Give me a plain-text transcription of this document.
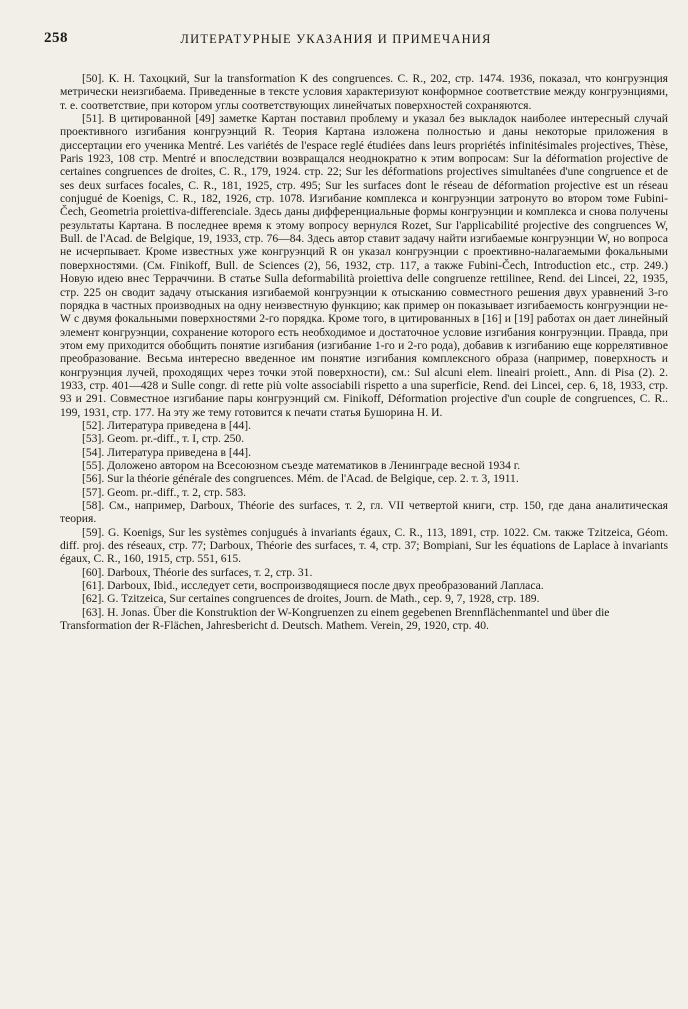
258	ЛИТЕРАТУРНЫЕ УКАЗАНИЯ И ПРИМЕЧАНИЯ

[50]. К. Н. Тахоцкий, Sur la transformation K des congruences. C. R., 202, стр. 1474. 1936, показал, что конгруэнция метрически неизгибаема. Приведенные в тексте условия характеризуют конформное соответствие между конгруэнциями, т. е. соответствие, при котором углы соответствующих линейчатых поверхностей сохраняются.

[51]. В цитированной [49] заметке Картан поставил проблему и указал без выкладок наиболее интересный случай проективного изгибания конгруэнций R. Теория Картана изложена полностью и даны некоторые приложения в диссертации его ученика Mentré. Les variétés de l'espace reglé étudiées dans leurs propriétés infinitésimales projectives, Thèse, Paris 1923, 108 стр. Mentré и впоследствии возвращался неоднократно к этим вопросам: Sur la déformation projective de certaines congruences de droites, C. R., 179, 1924. стр. 22; Sur les déformations projectives simultanées d'une congruence et de ses deux surfaces focales, C. R., 181, 1925, стр. 495; Sur les surfaces dont le réseau de déformation projective est un réseau conjugué de Koenigs, C. R., 182, 1926, стр. 1078. Изгибание комплекса и конгруэнции затронуто во втором томе Fubini-Čech, Geometria proiettiva-differenciale. Здесь даны дифференциальные формы конгруэнции и комплекса и снова получены результаты Картана. В последнее время к этому вопросу вернулся Rozet, Sur l'applicabilité projective des congruences W, Bull. de l'Acad. de Belgique, 19, 1933, стр. 76—84. Здесь автор ставит задачу найти изгибаемые конгруэнции W, но вопроса не исчерпывает. Кроме известных уже конгруэнций R он указал конгруэнции с проективно-налагаемыми фокальными поверхностями. (См. Finikoff, Bull. de Sciences (2), 56, 1932, стр. 117, а также Fubini-Čech, Introduction etc., стр. 249.) Новую идею внес Терраччини. В статье Sulla deformabilità proiettiva delle congruenze rettilinee, Rend. dei Lincei, 22, 1935, стр. 225 он сводит задачу отыскания изгибаемой конгруэнции к отысканию совместного решения двух уравнений 3-го порядка в частных производных на одну неизвестную функцию; как пример он показывает изгибаемость конгруэнции не- W с двумя фокальными поверхностями 2-го порядка. Кроме того, в цитированных в [16] и [19] работах он дает линейный элемент конгруэнции, сохранение которого есть необходимое и достаточное условие изгибания конгруэнции. Правда, при этом ему приходится обобщить понятие изгибания (изгибание 1-го и 2-го рода), добавив к изгибанию еще коррелятивное преобразование. Весьма интересно введенное им понятие изгибания комплексного образа (например, поверхность и конгруэнция лучей, проходящих через точки этой поверхности), см.: Sul alcuni elem. lineairi proiett., Ann. di Pisa (2). 2. 1933, стр. 401—428 и Sulle congr. di rette più volte associabili rispetto a una superficie, Rend. dei Lincei, сер. 6, 18, 1933, стр. 93 и 291. Совместное изгибание пары конгруэнций см. Finikoff, Déformation projective d'un couple de congruences, C. R.. 199, 1931, стр. 177. На эту же тему готовится к печати статья Бушорина Н. И.

[52]. Литература приведена в [44].

[53]. Geom. pr.-diff., т. I, стр. 250.

[54]. Литература приведена в [44].

[55]. Доложено автором на Всесоюзном съезде математиков в Ленинграде весной 1934 г.

[56]. Sur la théorie générale des congruences. Mém. de l'Acad. de Belgique, сер. 2. т. 3, 1911.

[57]. Geom. pr.-diff., т. 2, стр. 583.

[58]. См., например, Darboux, Théorie des surfaces, т. 2, гл. VII четвертой книги, стр. 150, где дана аналитическая теория.

[59]. G. Koenigs, Sur les systèmes conjugués à invariants égaux, C. R., 113, 1891, стр. 1022. См. также Tzitzeica, Géom. diff. proj. des réseaux, стр. 77; Darboux, Théorie des surfaces, т. 4, стр. 37; Bompiani, Sur les équations de Laplace à invariants égaux, C. R., 160, 1915, стр. 551, 615.

[60]. Darboux, Théorie des surfaces, т. 2, стр. 31.

[61]. Darboux, Ibid., исследует сети, воспроизводящиеся после двух преобразований Лапласа.

[62]. G. Tzitzeica, Sur certaines congruences de droites, Journ. de Math., сер. 9, 7, 1928, стр. 189.

[63]. H. Jonas. Über die Konstruktion der W-Kongruenzen zu einem gegebenen Brennflächenmantel und über die Transformation der R-Flächen, Jahresbericht d. Deutsch. Mathem. Verein, 29, 1920, стр. 40.
